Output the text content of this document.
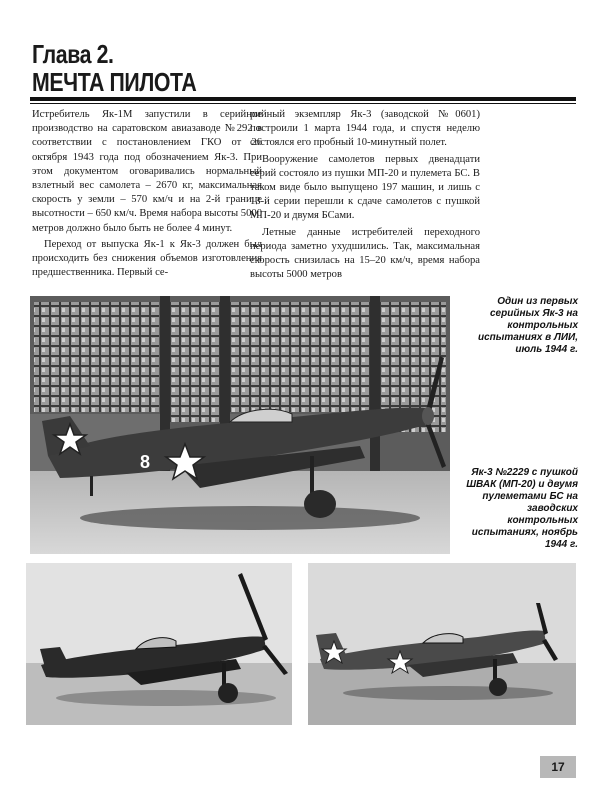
Глава 2.
МЕЧТА ПИЛОТА

Истребитель Як-1М запустили в серийное производство на саратовском авиазаводе №292 в соответствии с постановлением ГКО от 26 октября 1943 года под обозначением Як-3. При этом документом оговаривались нормальный взлетный вес самолета – 2670 кг, максимальная скорость у земли – 570 км/ч и на 2-й границе высотности – 650 км/ч. Время набора высоты 5000 метров должно было быть не более 4 минут.

Переход от выпуска Як-1 к Як-3 должен был происходить без снижения объемов изготовления предшественника. Первый се-

рийный экземпляр Як-3 (заводской №0601) построили 1 марта 1944 года, и спустя неделю состоялся его пробный 10-минутный полет.

Вооружение самолетов первых двенадцати серий состояло из пушки МП-20 и пулемета БС. В таком виде было выпущено 197 машин, и лишь с 13-й серии перешли к сдаче самолетов с пушкой МП-20 и двумя БСами.

Летные данные истребителей переходного периода заметно ухудшились. Так, максимальная скорость снизилась на 15–20 км/ч, время набора высоты 5000 метров

8
Один из первых серийных Як-3 на контрольных испытаниях в ЛИИ, июль 1944 г.
Як-3 №2229 с пушкой ШВАК (МП-20) и двумя пулеметами БС на заводских контрольных испытаниях, ноябрь 1944 г.
17
